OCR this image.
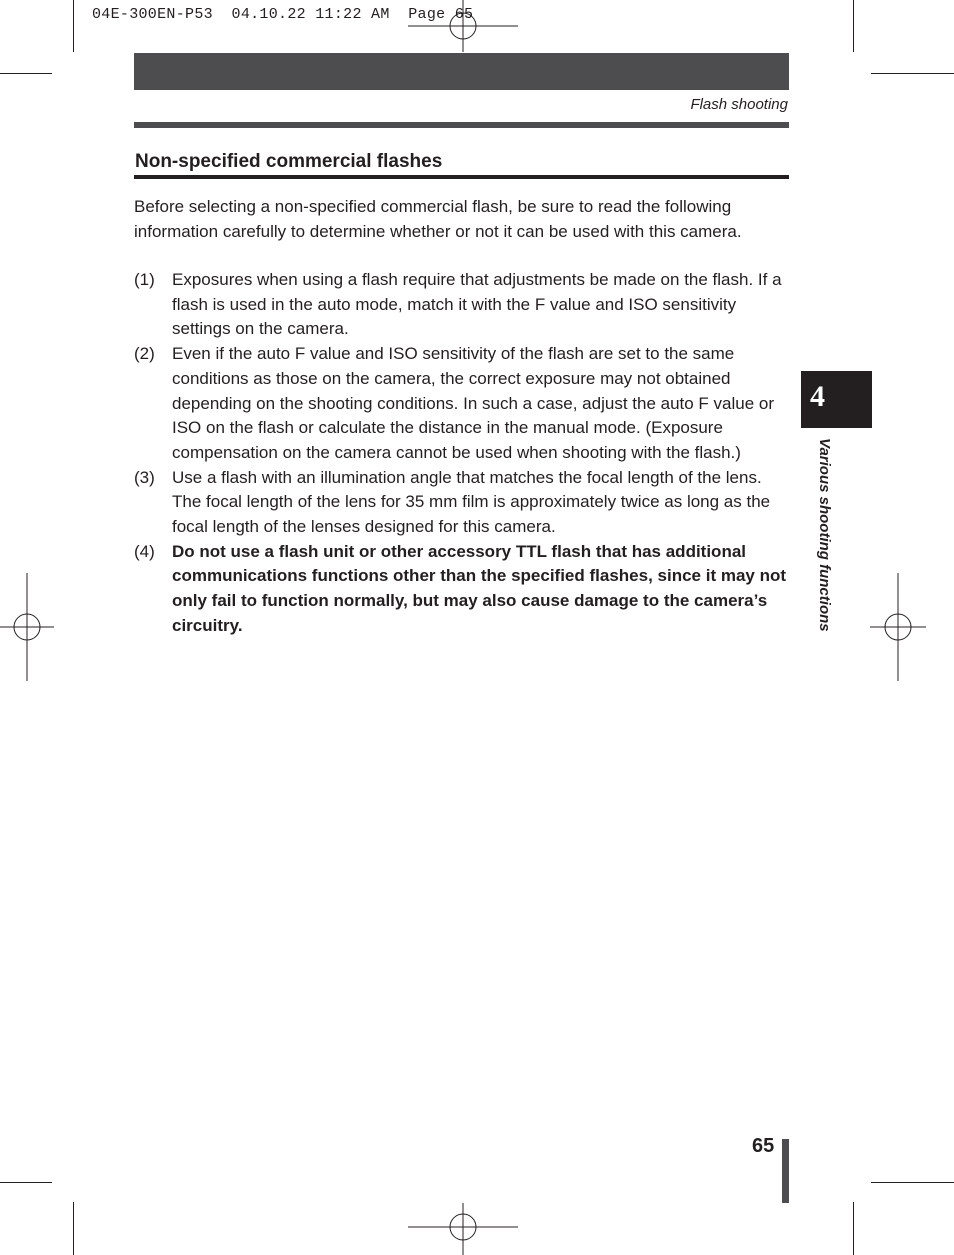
04E-300EN-P53  04.10.22 11:22 AM  Page 65
Flash shooting
Non-specified commercial flashes
Before selecting a non-specified commercial flash, be sure to read the following information carefully to determine whether or not it can be used with this camera.
(1)	Exposures when using a flash require that adjustments be made on the flash. If a flash is used in the auto mode, match it with the F value and ISO sensitivity settings on the camera.
(2)	Even if the auto F value and ISO sensitivity of the flash are set to the same conditions as those on the camera, the correct exposure may not obtained depending on the shooting conditions. In such a case, adjust the auto F value or ISO on the flash or calculate the distance in the manual mode. (Exposure compensation on the camera cannot be used when shooting with the flash.)
(3)	Use a flash with an illumination angle that matches the focal length of the lens. The focal length of the lens for 35 mm film is approximately twice as long as the focal length of the lenses designed for this camera.
(4)	Do not use a flash unit or other accessory TTL flash that has additional communications functions other than the specified flashes, since it may not only fail to function normally, but may also cause damage to the camera’s circuitry.
4
Various shooting functions
65
